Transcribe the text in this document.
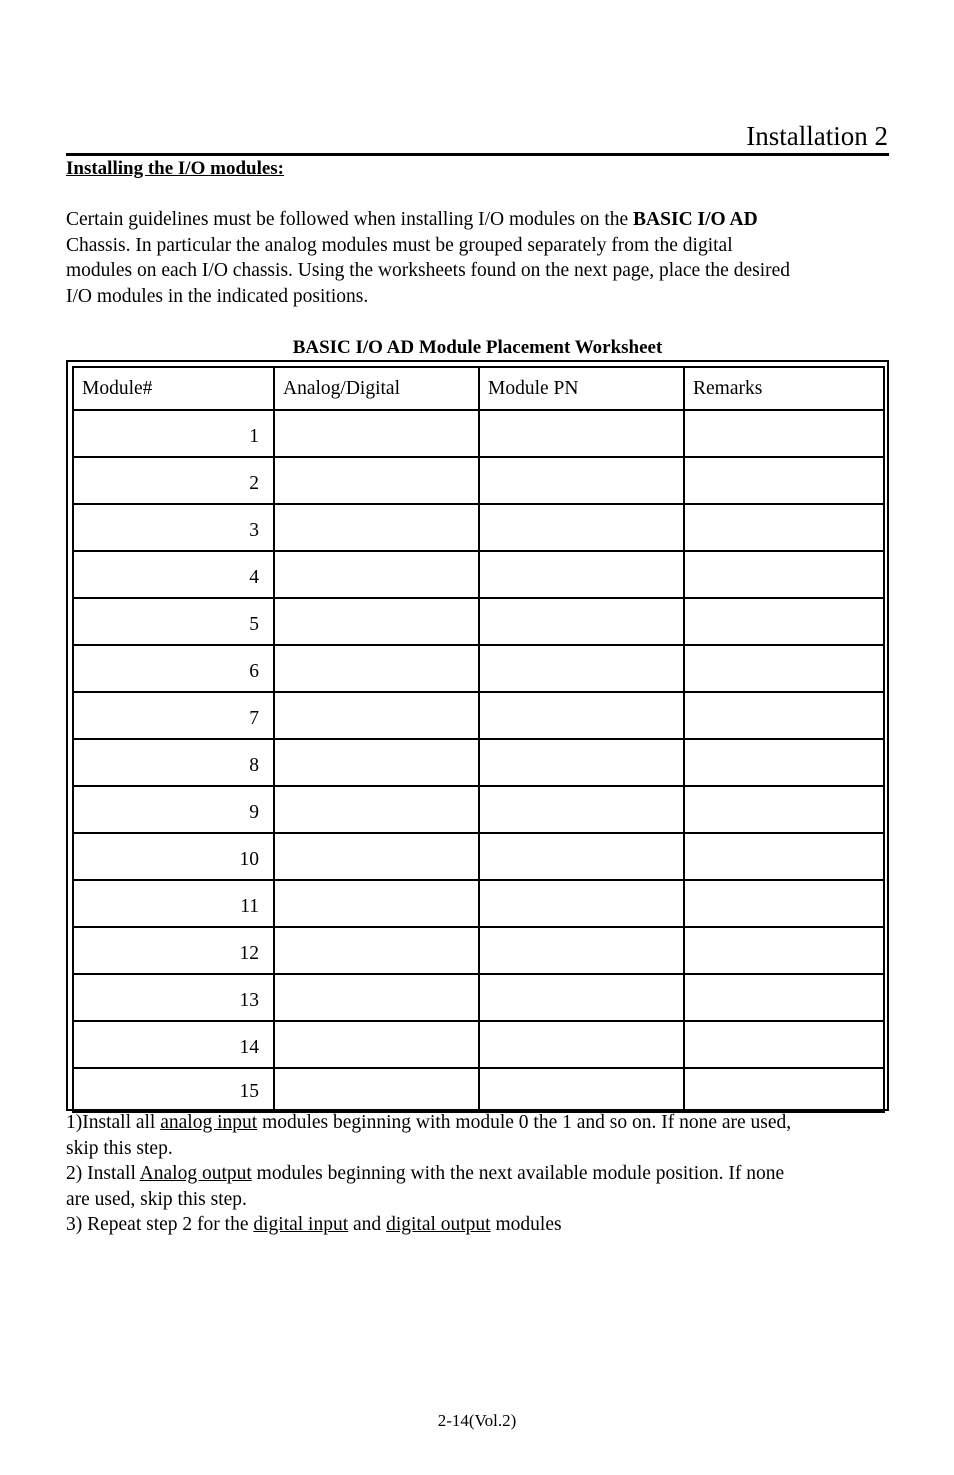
Installation 2
Installing the I/O modules:
Certain guidelines must be followed when installing I/O modules on the BASIC I/O AD
Chassis. In particular the analog modules must be grouped separately from the digital
modules on each I/O chassis. Using the worksheets found on the next page, place the desired
I/O modules in the indicated positions.
BASIC I/O AD Module Placement Worksheet
Module#	Analog/Digital	Module PN	Remarks
1			
2			
3			
4			
5			
6			
7			
8			
9			
10			
11			
12			
13			
14			
15			
1)Install all analog input modules beginning with module 0 the 1 and so on. If none are used,
skip this step.
2) Install Analog output modules beginning with the next available module position. If none
are used, skip this step.
3) Repeat step 2 for the digital input and digital output modules
2-14(Vol.2)
